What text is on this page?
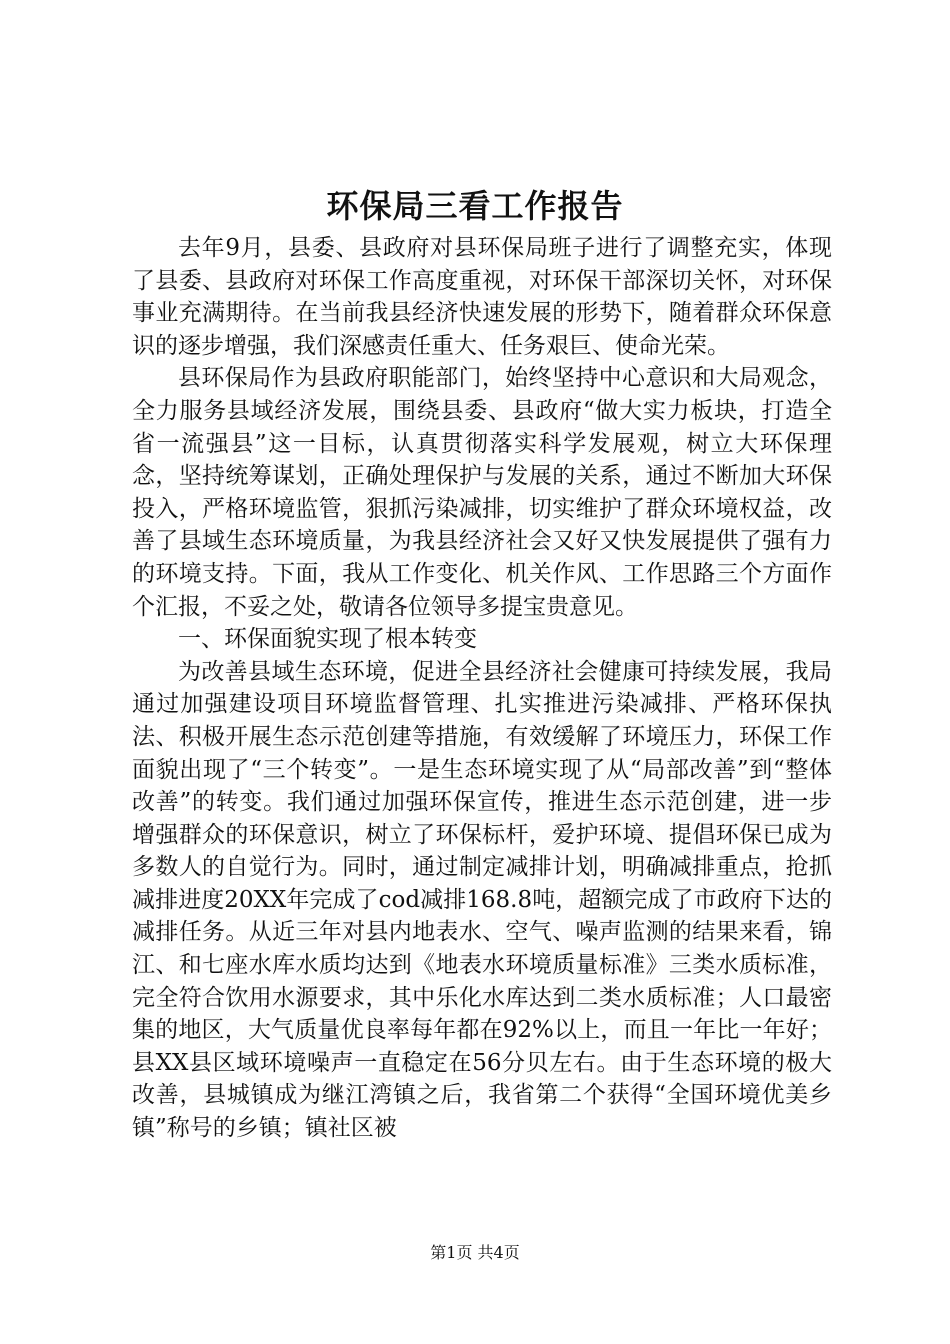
环保局三看工作报告

去年9月，县委、县政府对县环保局班子进行了调整充实，体现了县委、县政府对环保工作高度重视，对环保干部深切关怀，对环保事业充满期待。在当前我县经济快速发展的形势下，随着群众环保意识的逐步增强，我们深感责任重大、任务艰巨、使命光荣。

县环保局作为县政府职能部门，始终坚持中心意识和大局观念，全力服务县域经济发展，围绕县委、县政府“做大实力板块，打造全省一流强县”这一目标，认真贯彻落实科学发展观，树立大环保理念，坚持统筹谋划，正确处理保护与发展的关系，通过不断加大环保投入，严格环境监管，狠抓污染减排，切实维护了群众环境权益，改善了县域生态环境质量，为我县经济社会又好又快发展提供了强有力的环境支持。下面，我从工作变化、机关作风、工作思路三个方面作个汇报，不妥之处，敬请各位领导多提宝贵意见。

一、环保面貌实现了根本转变

为改善县域生态环境，促进全县经济社会健康可持续发展，我局通过加强建设项目环境监督管理、扎实推进污染减排、严格环保执法、积极开展生态示范创建等措施，有效缓解了环境压力，环保工作面貌出现了“三个转变”。一是生态环境实现了从“局部改善”到“整体改善”的转变。我们通过加强环保宣传，推进生态示范创建，进一步增强群众的环保意识，树立了环保标杆，爱护环境、提倡环保已成为多数人的自觉行为。同时，通过制定减排计划，明确减排重点，抢抓减排进度20XX年完成了cod减排168.8吨，超额完成了市政府下达的减排任务。从近三年对县内地表水、空气、噪声监测的结果来看，锦江、和七座水库水质均达到《地表水环境质量标准》三类水质标准，完全符合饮用水源要求，其中乐化水库达到二类水质标准；人口最密集的地区，大气质量优良率每年都在92%以上，而且一年比一年好；县XX县区域环境噪声一直稳定在56分贝左右。由于生态环境的极大改善，县城镇成为继江湾镇之后，我省第二个获得“全国环境优美乡镇”称号的乡镇；镇社区被

第1页 共4页
